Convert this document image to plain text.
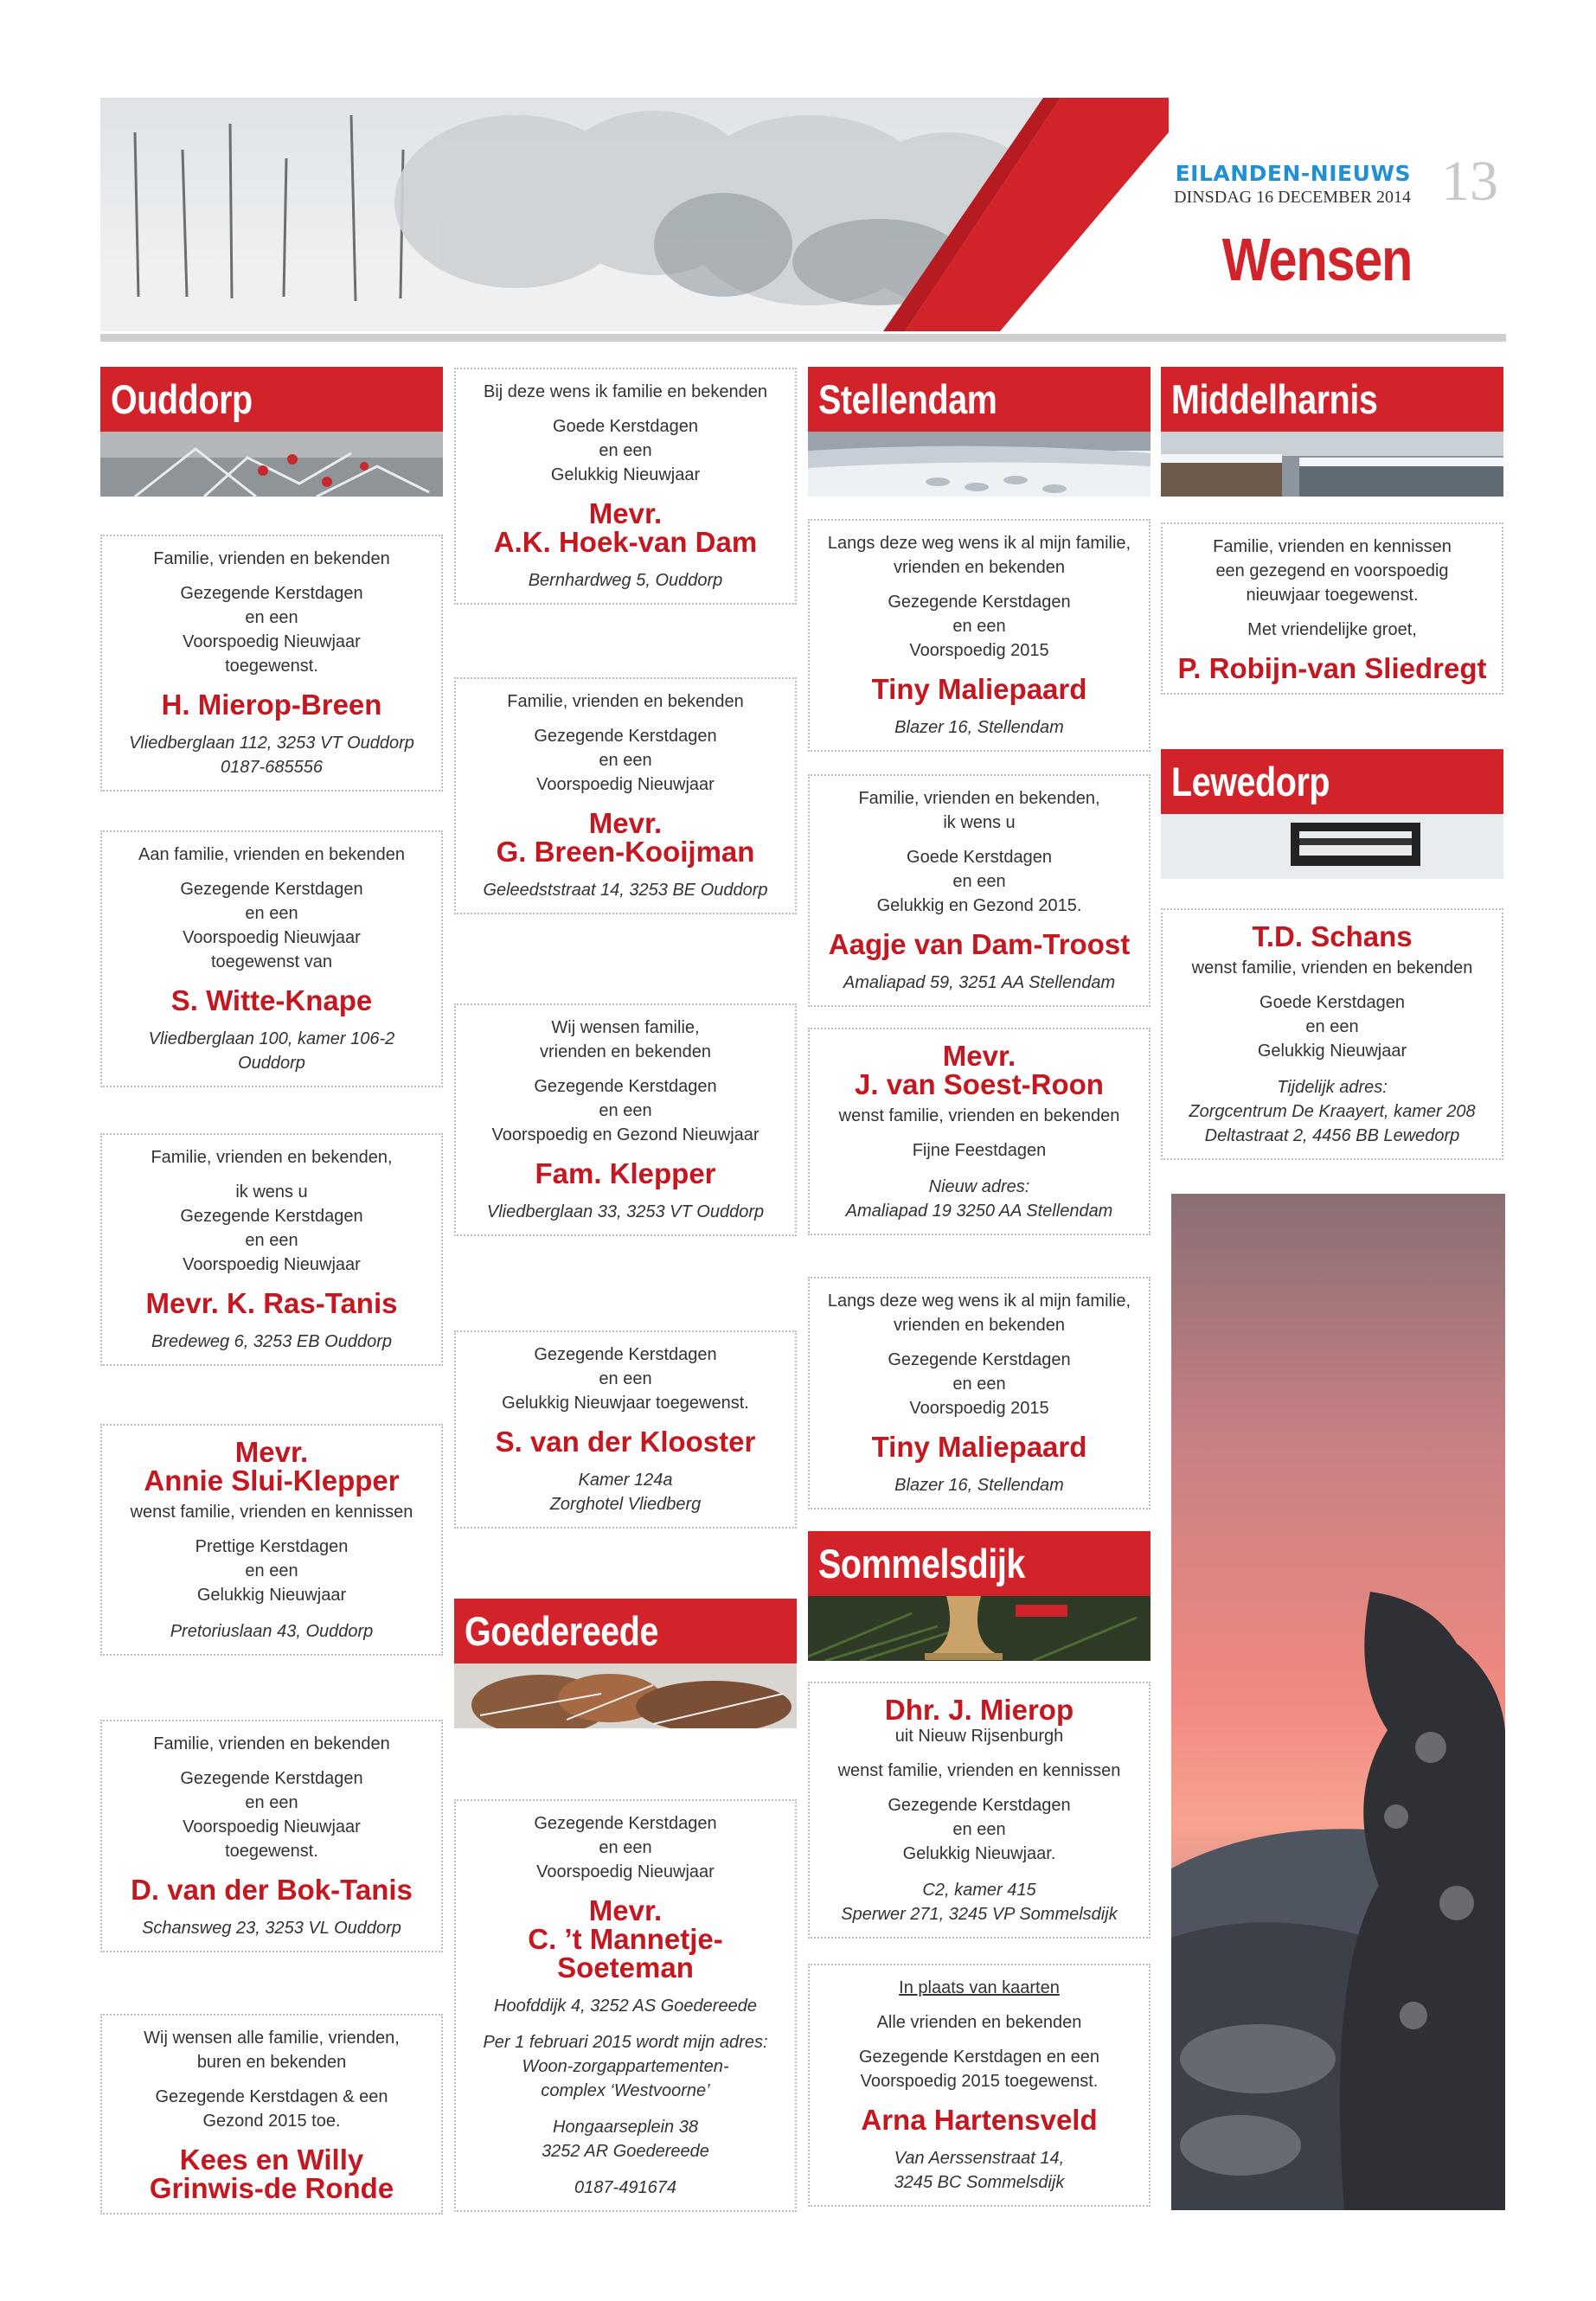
EILANDEN-NIEUWS
DINSDAG 16 DECEMBER 2014 13
Wensen
Ouddorp

Familie, vrienden en bekenden

Gezegende Kerstdagen

en een

Voorspoedig Nieuwjaar

toegewenst.

H. Mierop-Breen

Vliedberglaan 112, 3253 VT Ouddorp

0187-685556

Aan familie, vrienden en bekenden

Gezegende Kerstdagen

en een

Voorspoedig Nieuwjaar

toegewenst van

S. Witte-Knape

Vliedberglaan 100, kamer 106-2

Ouddorp

Familie, vrienden en bekenden,

ik wens u

Gezegende Kerstdagen

en een

Voorspoedig Nieuwjaar

Mevr. K. Ras-Tanis

Bredeweg 6, 3253 EB Ouddorp

Mevr.

Annie Slui-Klepper

wenst familie, vrienden en kennissen

Prettige Kerstdagen

en een

Gelukkig Nieuwjaar

Pretoriuslaan 43, Ouddorp

Familie, vrienden en bekenden

Gezegende Kerstdagen

en een

Voorspoedig Nieuwjaar

toegewenst.

D. van der Bok-Tanis

Schansweg 23, 3253 VL Ouddorp

Wij wensen alle familie, vrienden,

buren en bekenden

Gezegende Kerstdagen & een

Gezond 2015 toe.

Kees en Willy

Grinwis-de Ronde

Bij deze wens ik familie en bekenden

Goede Kerstdagen

en een

Gelukkig Nieuwjaar

Mevr.

A.K. Hoek-van Dam

Bernhardweg 5, Ouddorp

Familie, vrienden en bekenden

Gezegende Kerstdagen

en een

Voorspoedig Nieuwjaar

Mevr.

G. Breen-Kooijman

Geleedststraat 14, 3253 BE Ouddorp

Wij wensen familie,

vrienden en bekenden

Gezegende Kerstdagen

en een

Voorspoedig en Gezond Nieuwjaar

Fam. Klepper

Vliedberglaan 33, 3253 VT Ouddorp

Gezegende Kerstdagen

en een

Gelukkig Nieuwjaar toegewenst.

S. van der Klooster

Kamer 124a

Zorghotel Vliedberg

Goedereede

Gezegende Kerstdagen

en een

Voorspoedig Nieuwjaar

Mevr.

C. ’t Mannetje-Soeteman

Hoofddijk 4, 3252 AS Goedereede

Per 1 februari 2015 wordt mijn adres:

Woon-zorgappartementen-

complex ‘Westvoorne’

Hongaarseplein 38

3252 AR Goedereede

0187-491674

Stellendam

Langs deze weg wens ik al mijn familie,

vrienden en bekenden

Gezegende Kerstdagen

en een

Voorspoedig 2015

Tiny Maliepaard

Blazer 16, Stellendam

Familie, vrienden en bekenden,

ik wens u

Goede Kerstdagen

en een

Gelukkig en Gezond 2015.

Aagje van Dam-Troost

Amaliapad 59, 3251 AA Stellendam

Mevr.

J. van Soest-Roon

wenst familie, vrienden en bekenden

Fijne Feestdagen

Nieuw adres:

Amaliapad 19 3250 AA Stellendam

Langs deze weg wens ik al mijn familie,

vrienden en bekenden

Gezegende Kerstdagen

en een

Voorspoedig 2015

Tiny Maliepaard

Blazer 16, Stellendam

Sommelsdijk

Dhr. J. Mierop

uit Nieuw Rijsenburgh

wenst familie, vrienden en kennissen

Gezegende Kerstdagen

en een

Gelukkig Nieuwjaar.

C2, kamer 415

Sperwer 271, 3245 VP Sommelsdijk

In plaats van kaarten

Alle vrienden en bekenden

Gezegende Kerstdagen en een

Voorspoedig 2015 toegewenst.

Arna Hartensveld

Van Aerssenstraat 14,

3245 BC Sommelsdijk

Middelharnis

Familie, vrienden en kennissen

een gezegend en voorspoedig

nieuwjaar toegewenst.

Met vriendelijke groet,

P. Robijn-van Sliedregt

Lewedorp

T.D. Schans

wenst familie, vrienden en bekenden

Goede Kerstdagen

en een

Gelukkig Nieuwjaar

Tijdelijk adres:

Zorgcentrum De Kraayert, kamer 208

Deltastraat 2, 4456 BB Lewedorp
